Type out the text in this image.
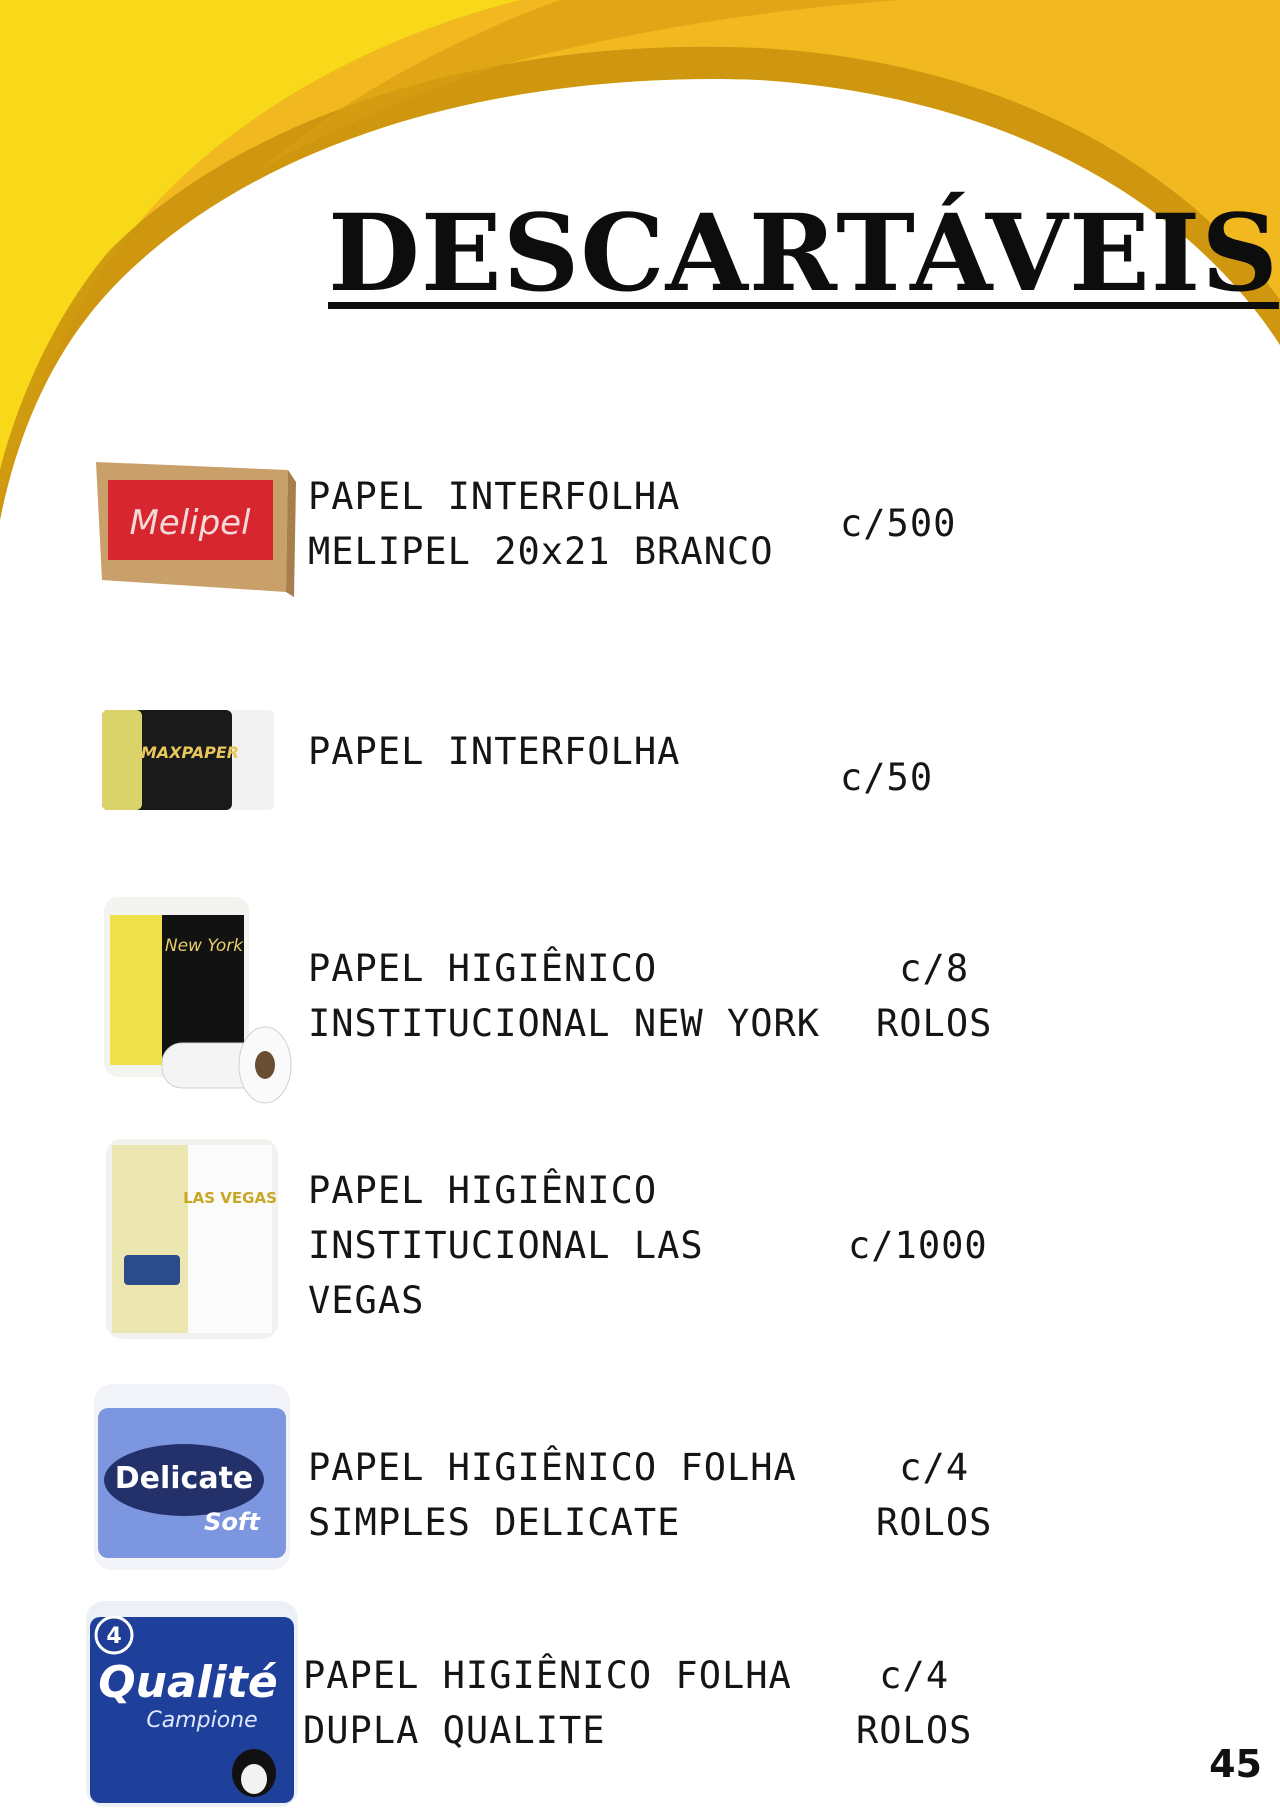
DESCARTÁVEIS
Melipel

PAPEL INTERFOLHA
MELIPEL 20x21 BRANCO

c/500

MAXPAPER PAPEL INTERFOLHA

c/50

New York

PAPEL HIGIÊNICO
INSTITUCIONAL NEW YORK

c/8
ROLOS

LAS VEGAS PAPEL HIGIÊNICO
INSTITUCIONAL LAS
VEGAS

c/1000

Delicate
Soft

PAPEL HIGIÊNICO FOLHA
SIMPLES DELICATE

c/4
ROLOS

4
Qualité
Campione

PAPEL HIGIÊNICO FOLHA
DUPLA QUALITE

c/4
ROLOS

45
